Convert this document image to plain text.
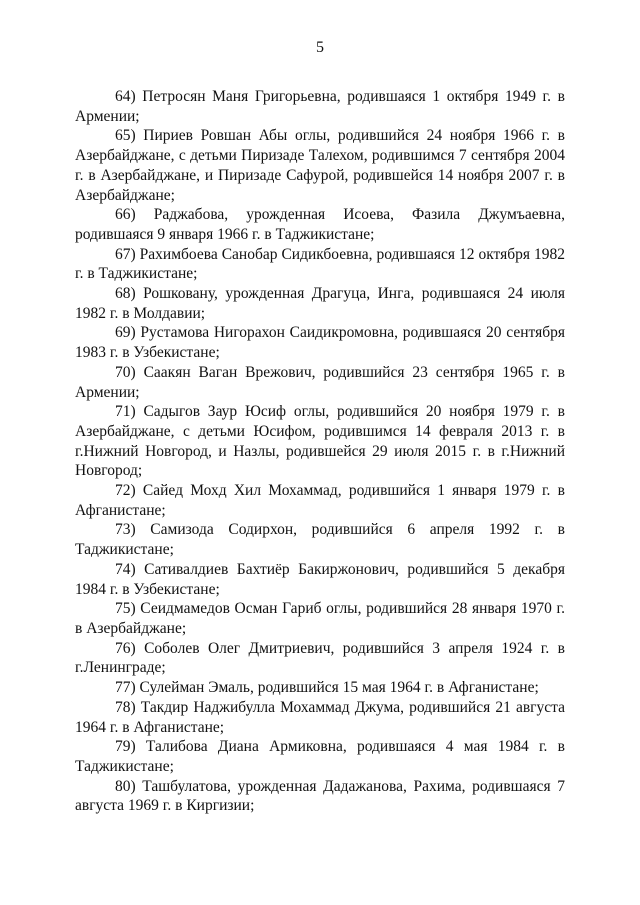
5

64) Петросян Маня Григорьевна, родившаяся 1 октября 1949 г. в Армении;

65) Пириев Ровшан Абы оглы, родившийся 24 ноября 1966 г. в Азербайджане, с детьми Пиризаде Талехом, родившимся 7 сентября 2004 г. в Азербайджане, и Пиризаде Сафурой, родившейся 14 ноября 2007 г. в Азербайджане;

66) Раджабова, урожденная Исоева, Фазила Джумъаевна, родившаяся 9 января 1966 г. в Таджикистане;

67) Рахимбоева Санобар Сидикбоевна, родившаяся 12 октября 1982 г. в Таджикистане;

68) Рошковану, урожденная Драгуца, Инга, родившаяся 24 июля 1982 г. в Молдавии;

69) Рустамова Нигорахон Саидикромовна, родившаяся 20 сентября 1983 г. в Узбекистане;

70) Саакян Ваган Врежович, родившийся 23 сентября 1965 г. в Армении;

71) Садыгов Заур Юсиф оглы, родившийся 20 ноября 1979 г. в Азербайджане, с детьми Юсифом, родившимся 14 февраля 2013 г. в г.Нижний Новгород, и Назлы, родившейся 29 июля 2015 г. в г.Нижний Новгород;

72) Сайед Мохд Хил Мохаммад, родившийся 1 января 1979 г. в Афганистане;

73) Самизода Содирхон, родившийся 6 апреля 1992 г. в Таджикистане;

74) Сативалдиев Бахтиёр Бакиржонович, родившийся 5 декабря 1984 г. в Узбекистане;

75) Сеидмамедов Осман Гариб оглы, родившийся 28 января 1970 г. в Азербайджане;

76) Соболев Олег Дмитриевич, родившийся 3 апреля 1924 г. в г.Ленинграде;

77) Сулейман Эмаль, родившийся 15 мая 1964 г. в Афганистане;

78) Такдир Наджибулла Мохаммад Джума, родившийся 21 августа 1964 г. в Афганистане;

79) Талибова Диана Армиковна, родившаяся 4 мая 1984 г. в Таджикистане;

80) Ташбулатова, урожденная Дадажанова, Рахима, родившаяся 7 августа 1969 г. в Киргизии;
